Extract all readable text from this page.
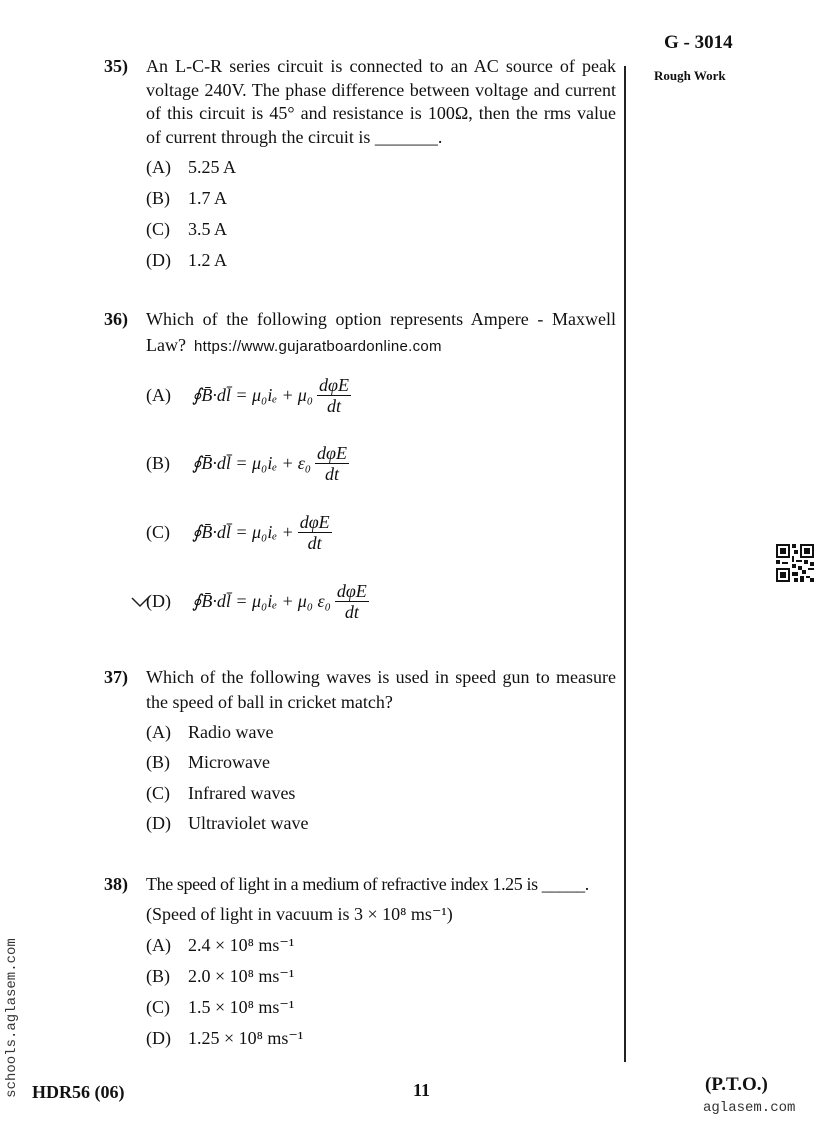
G - 3014
Rough Work
35) An L-C-R series circuit is connected to an AC source of peak
voltage 240V. The phase difference between voltage and current
of this circuit is 45° and resistance is 100Ω, then the rms value
of current through the circuit is _______.
(A) 5.25 A
(B) 1.7 A
(C) 3.5 A
(D) 1.2 A
36) Which of the following option represents Ampere - Maxwell
Law? https://www.gujaratboardonline.com
(A)	∮B̄·dl̄ = $\mu_0i_e + \mu_0 \frac{\text{dφE}}{dt}$
(B)	∮B̄·dl̄ = $\mu_0i_e + \varepsilon_0 \frac{\text{dφE}}{dt}$
(C)	∮B̄·dl̄ = $\mu_0i_e + \frac{\text{dφE}}{dt}$
(D)	∮B̄·dl̄ = μ₀iₑ + μ₀ $\varepsilon_0 \frac{\text{dφE}}{dt}$
37) Which of the following waves is used in speed gun to measure
the speed of ball in cricket match?
(A) Radio wave
(B) Microwave
(C) Infrared waves
(D) Ultraviolet wave
38) The speed of light in a medium of refractive index 1.25 is _____.
(Speed of light in vacuum is 3 × 10⁸ ms⁻¹)
(A) 2.4 × 10⁸ ms⁻¹
(B) 2.0 × 10⁸ ms⁻¹
(C) 1.5 × 10⁸ ms⁻¹
(D) 1.25 × 10⁸ ms⁻¹
schools.aglasem.com HDR56 (06)	11	(P.T.O.)
aglasem.com
